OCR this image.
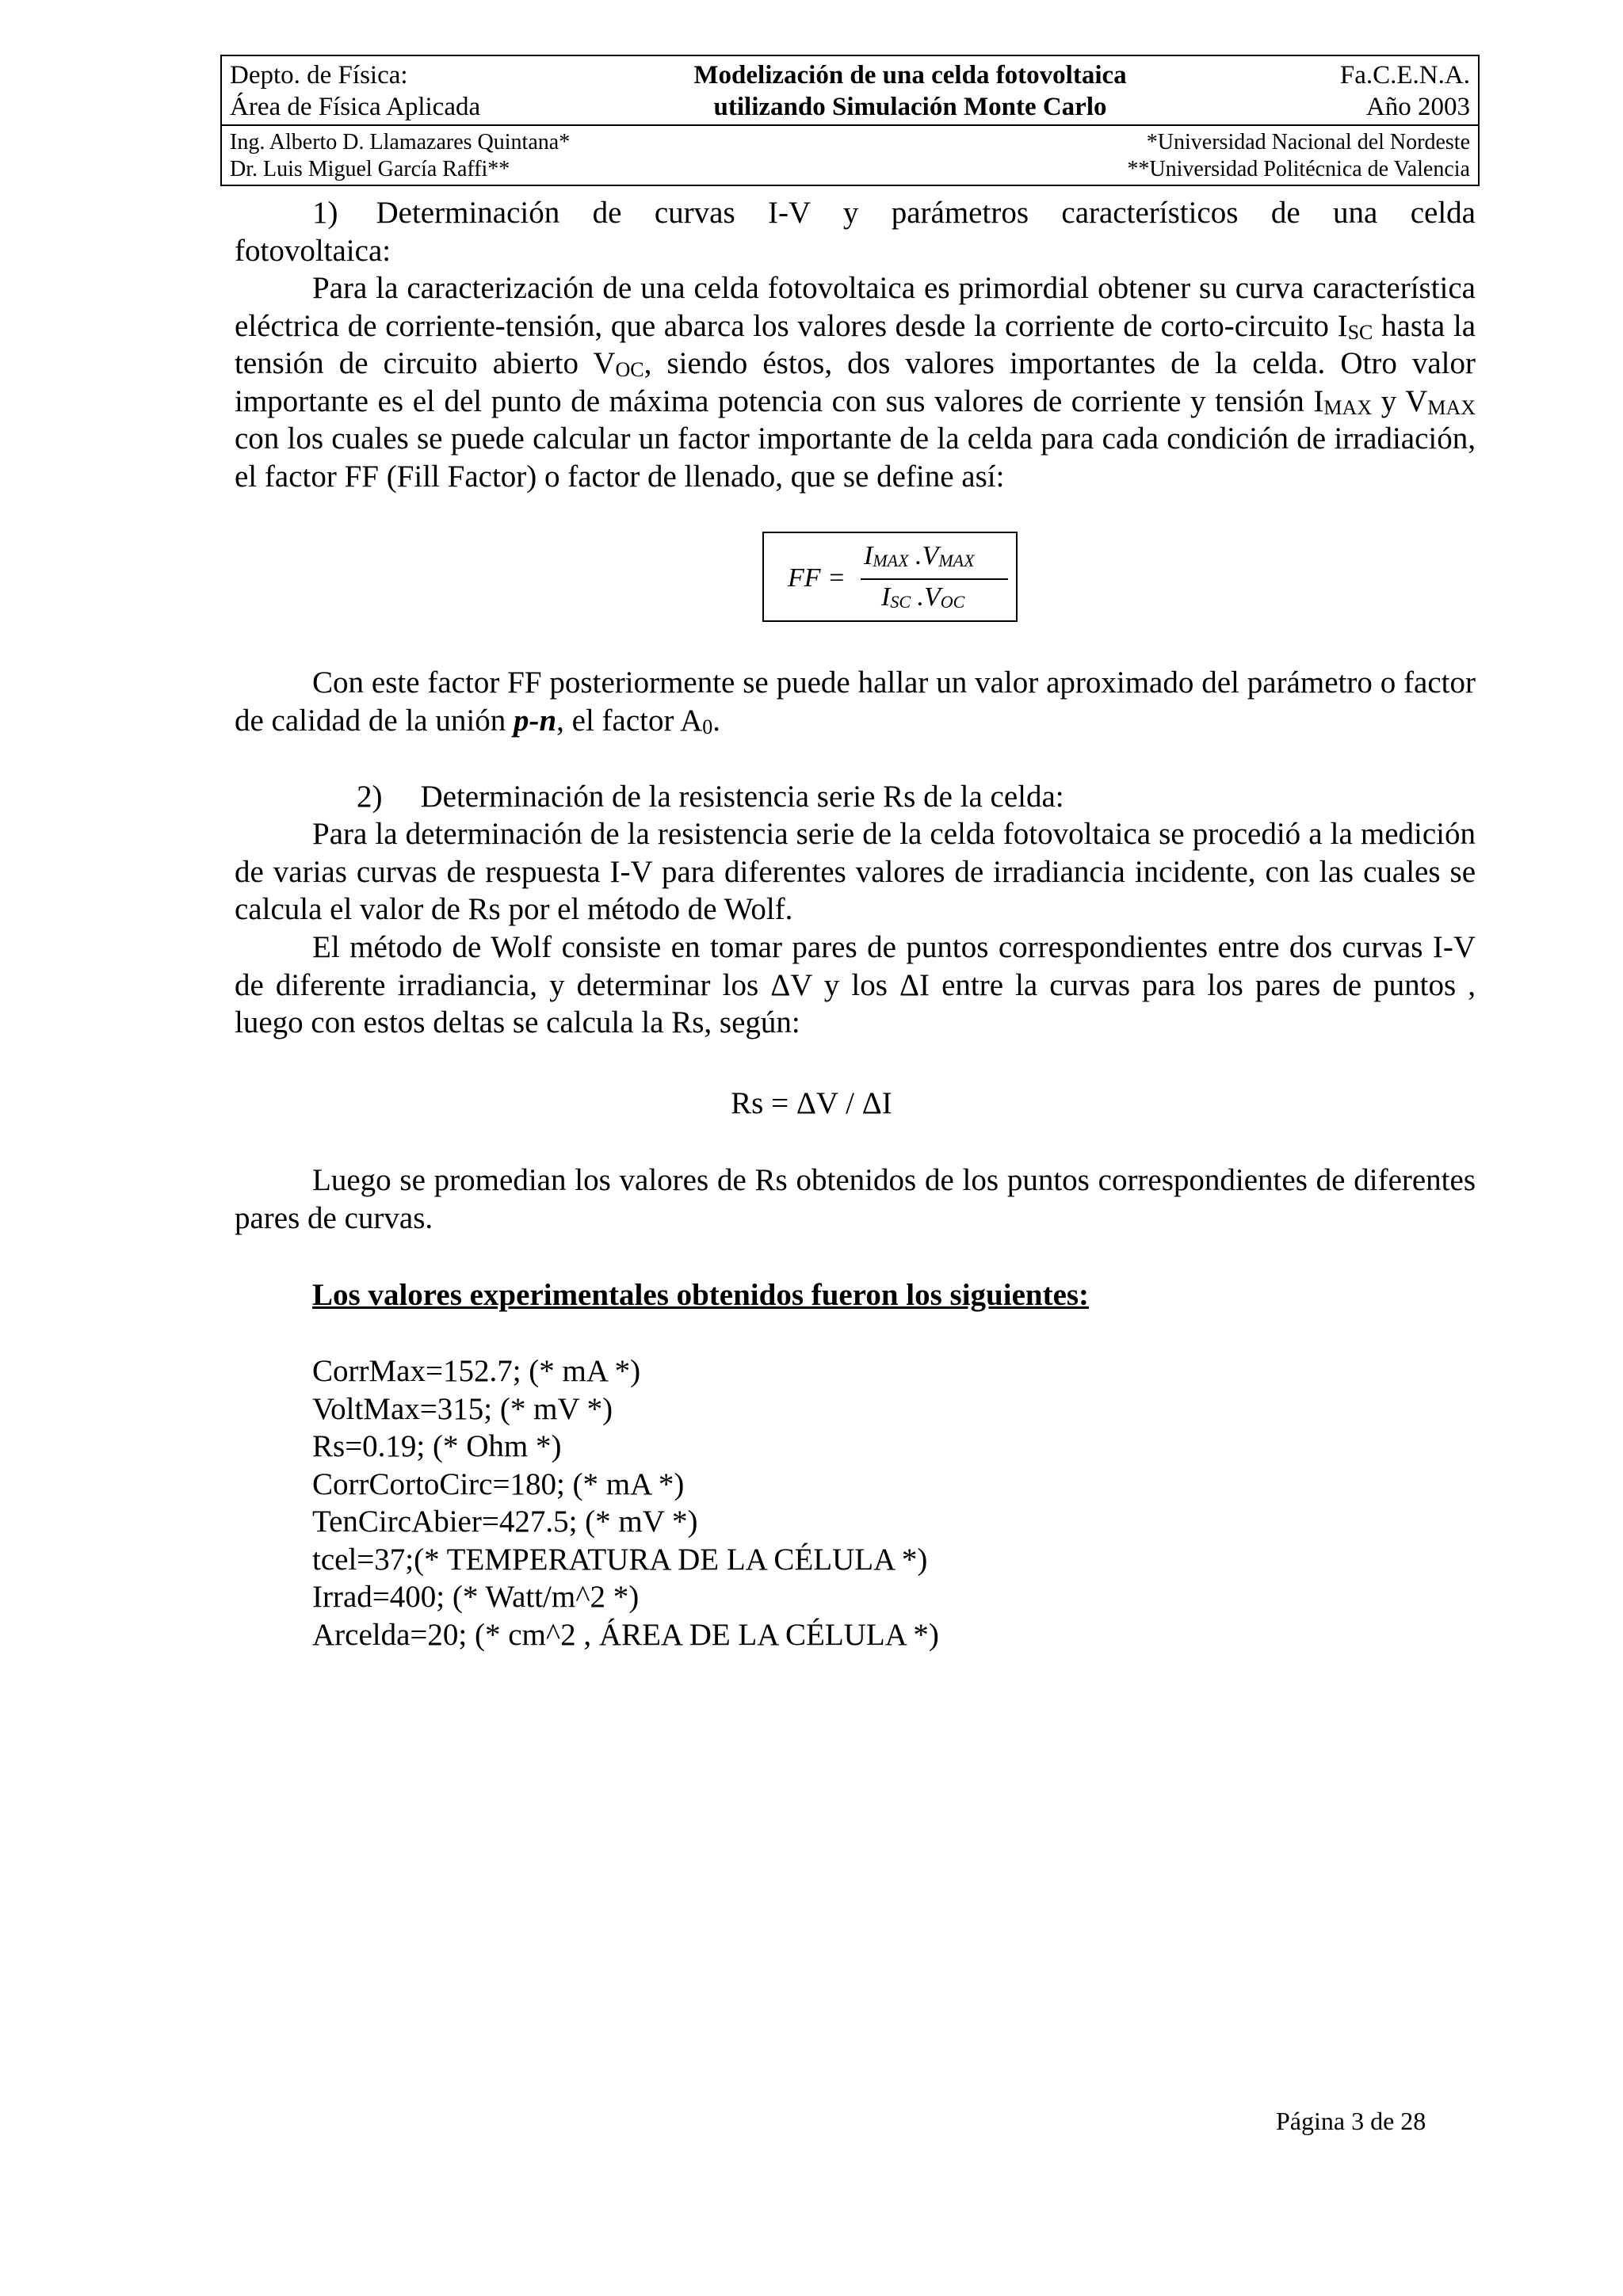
Depto. de Física:
Área de Física Aplicada
Modelización de una celda fotovoltaica
utilizando Simulación Monte Carlo
Fa.C.E.N.A.
Año 2003
Ing. Alberto D. Llamazares Quintana*
Dr. Luis Miguel García Raffi**
*Universidad Nacional del Nordeste
**Universidad Politécnica de Valencia
1) Determinación de curvas I-V y parámetros característicos de una celda
fotovoltaica:
Para la caracterización de una celda fotovoltaica es primordial obtener su curva característica eléctrica de corriente-tensión, que abarca los valores desde la corriente de corto-circuito $I_{SC}$ hasta la tensión de circuito abierto $V_{OC}$, siendo éstos, dos valores importantes de la celda. Otro valor importante es el del punto de máxima potencia con sus valores de corriente y tensión $I_{MAX}$ y $V_{MAX}$ con los cuales se puede calcular un factor importante de la celda para cada condición de irradiación, el factor FF (Fill Factor) o factor de llenado, que se define así:
FF =
$I_{MAX}$ $.V_{MAX}$
$I_{SC}$ $.V_{OC}$
Con este factor FF posteriormente se puede hallar un valor aproximado del parámetro o factor de calidad de la unión p-n, el factor $A_0$.
2) Determinación de la resistencia serie Rs de la celda:
Para la determinación de la resistencia serie de la celda fotovoltaica se procedió a la medición de varias curvas de respuesta I-V para diferentes valores de irradiancia incidente, con las cuales se calcula el valor de Rs por el método de Wolf.
El método de Wolf consiste en tomar pares de puntos correspondientes entre dos curvas I-V de diferente irradiancia, y determinar los ΔV y los ΔI entre la curvas para los pares de puntos , luego con estos deltas se calcula la Rs, según:
Rs = ΔV / ΔI
Luego se promedian los valores de Rs obtenidos de los puntos correspondientes de diferentes pares de curvas.
Los valores experimentales obtenidos fueron los siguientes:
CorrMax=152.7; (* mA *)
VoltMax=315; (* mV *)
Rs=0.19; (* Ohm *)
CorrCortoCirc=180; (* mA *)
TenCircAbier=427.5; (* mV *)
tcel=37;(* TEMPERATURA DE LA CÉLULA *)
Irrad=400; (* Watt/m^2 *)
Arcelda=20; (* cm^2 , ÁREA DE LA CÉLULA *)
Página 3 de 28
